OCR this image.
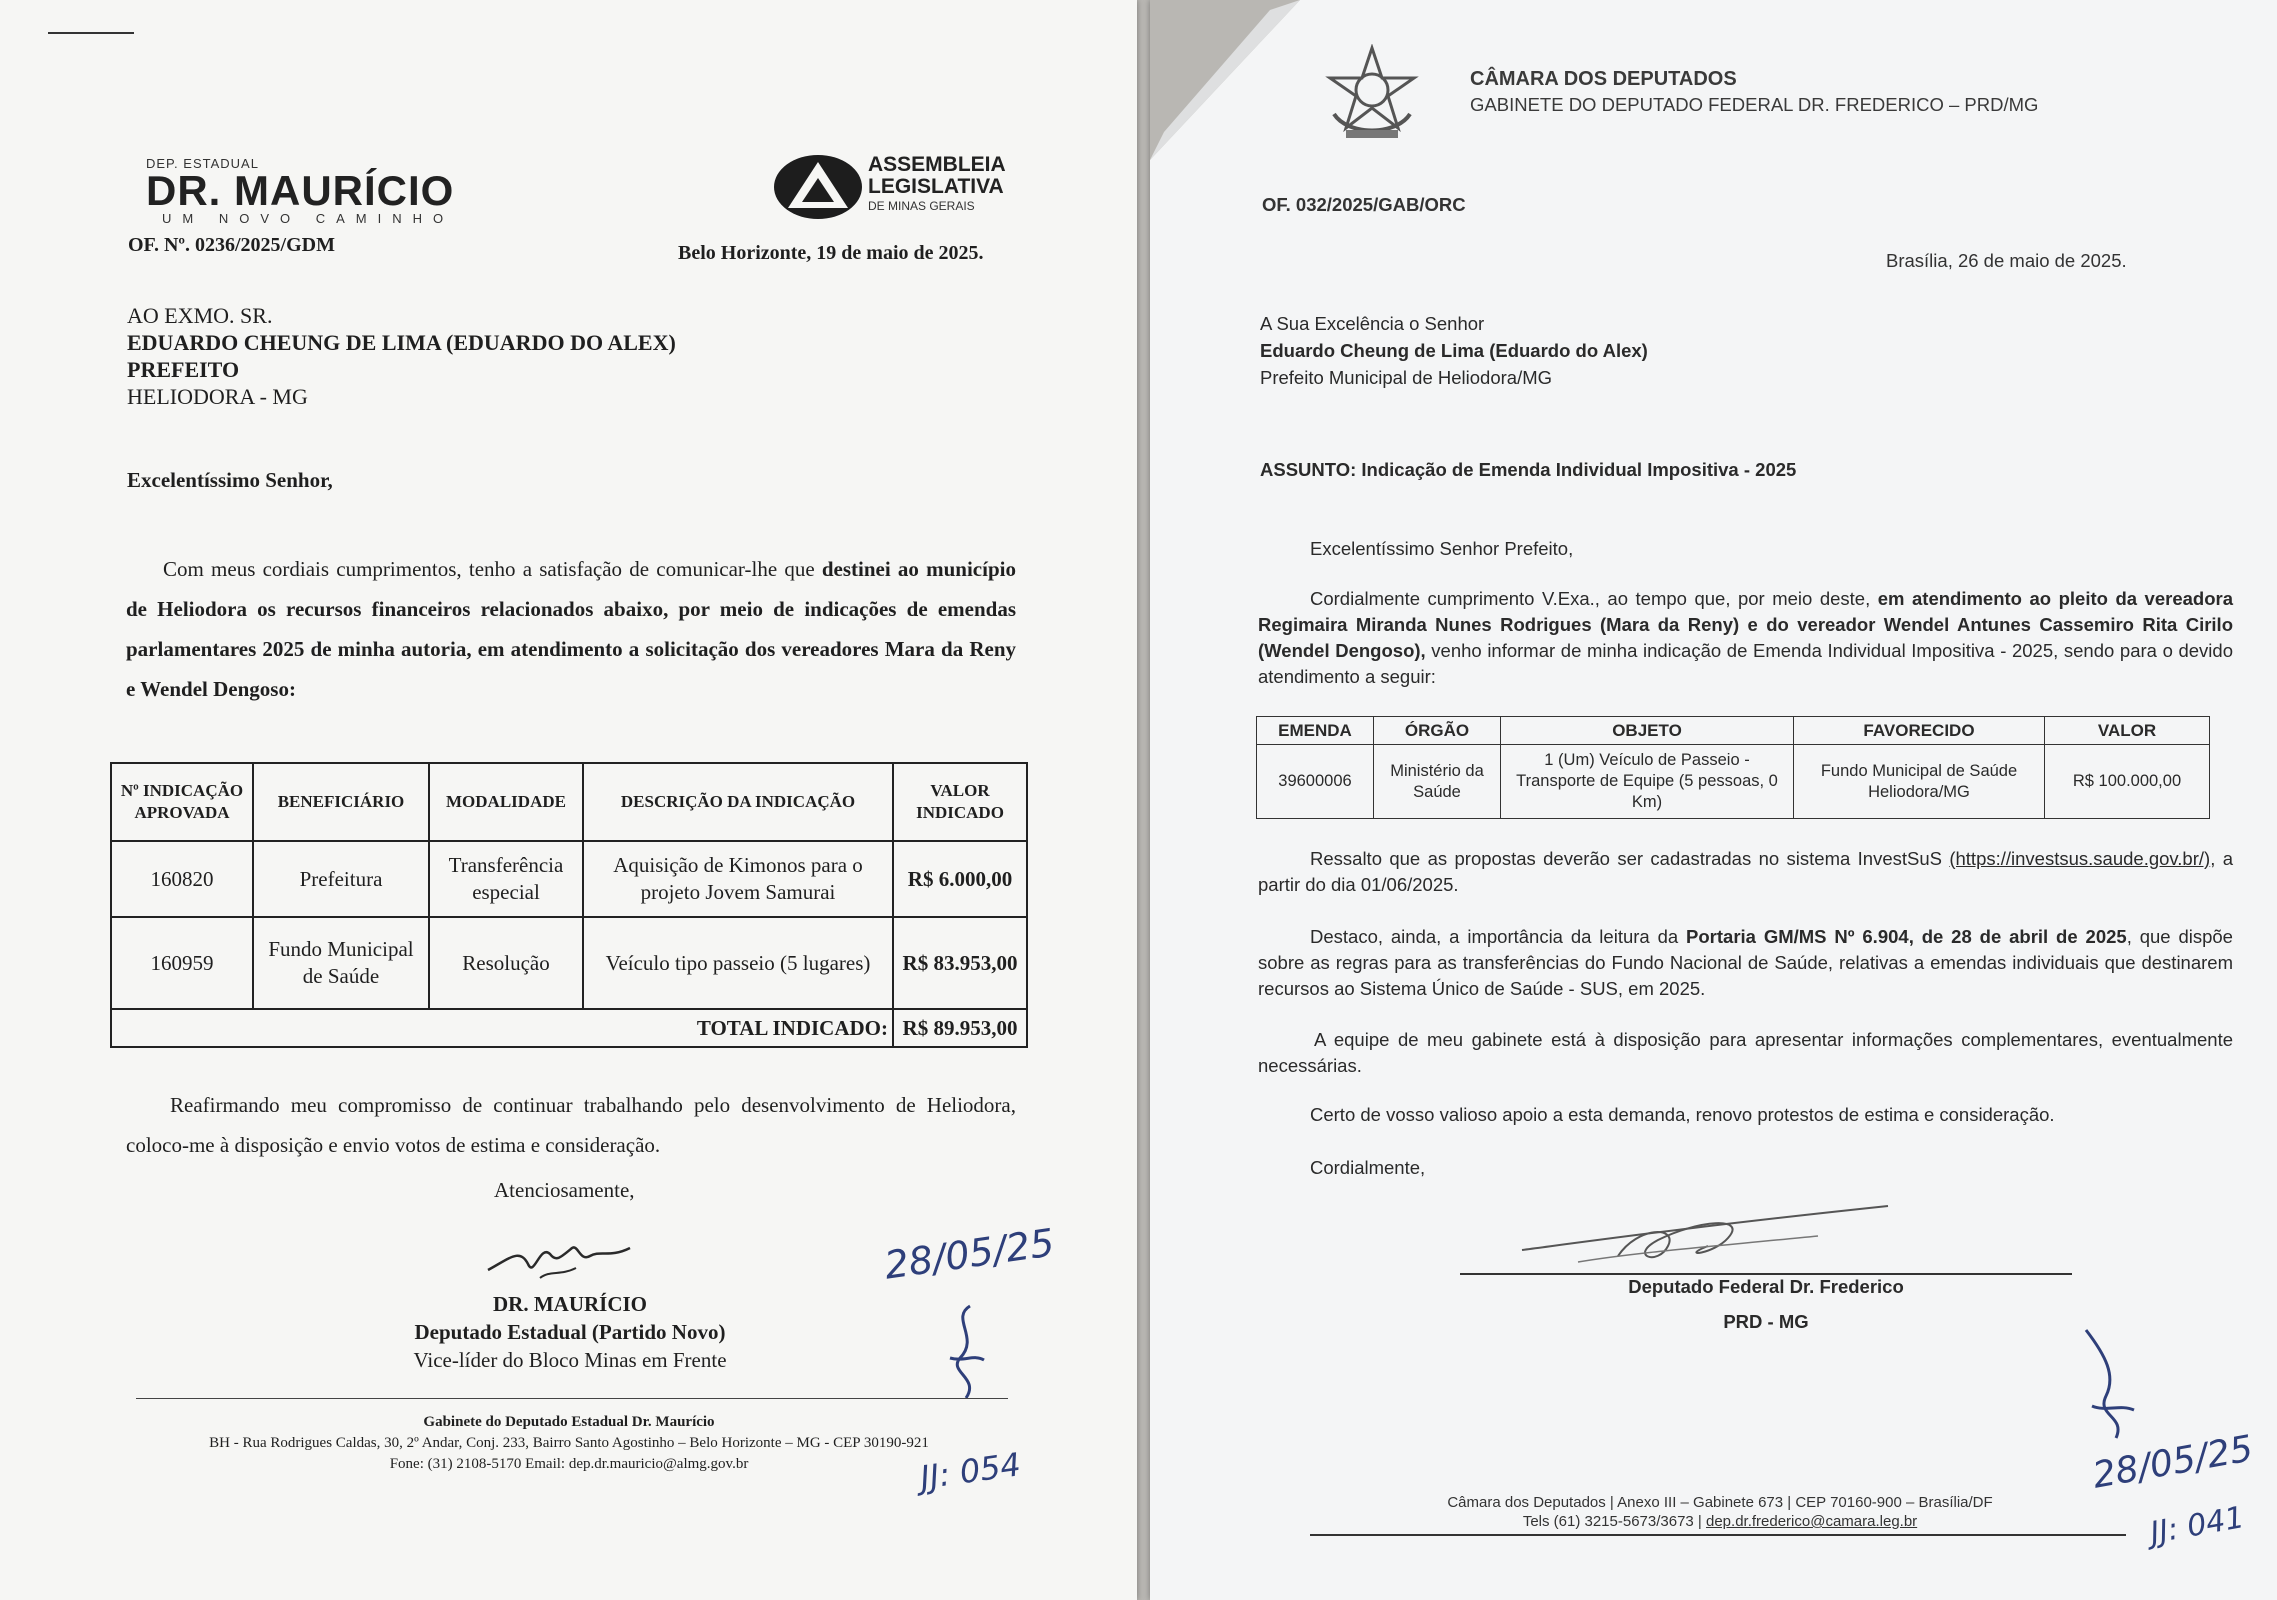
DEP. ESTADUAL
DR. MAURÍCIO
UM NOVO CAMINHO
ASSEMBLEIA
LEGISLATIVA
DE MINAS GERAIS
OF. Nº. 0236/2025/GDM	Belo Horizonte, 19 de maio de 2025.
AO EXMO. SR.
EDUARDO CHEUNG DE LIMA (EDUARDO DO ALEX)
PREFEITO
HELIODORA - MG
Excelentíssimo Senhor,
Com meus cordiais cumprimentos, tenho a satisfação de comunicar-lhe que destinei ao município de Heliodora os recursos financeiros relacionados abaixo, por meio de indicações de emendas parlamentares 2025 de minha autoria, em atendimento a solicitação dos vereadores Mara da Reny e Wendel Dengoso:
Nº INDICAÇÃO APROVADA	BENEFICIÁRIO	MODALIDADE	DESCRIÇÃO DA INDICAÇÃO	VALOR INDICADO
160820	Prefeitura	Transferência especial	Aquisição de Kimonos para o projeto Jovem Samurai	R$ 6.000,00
160959	Fundo Municipal de Saúde	Resolução	Veículo tipo passeio (5 lugares)	R$ 83.953,00
TOTAL INDICADO:				R$ 89.953,00
Reafirmando meu compromisso de continuar trabalhando pelo desenvolvimento de Heliodora, coloco-me à disposição e envio votos de estima e consideração.
Atenciosamente,
DR. MAURÍCIO
Deputado Estadual (Partido Novo)
Vice-líder do Bloco Minas em Frente
28/05/25
Gabinete do Deputado Estadual Dr. Maurício
BH - Rua Rodrigues Caldas, 30, 2º Andar, Conj. 233, Bairro Santo Agostinho – Belo Horizonte – MG - CEP 30190-921
Fone: (31) 2108-5170 Email: dep.dr.mauricio@almg.gov.br	JJ: 054
CÂMARA DOS DEPUTADOS
GABINETE DO DEPUTADO FEDERAL DR. FREDERICO – PRD/MG
OF. 032/2025/GAB/ORC
Brasília, 26 de maio de 2025.
A Sua Excelência o Senhor
Eduardo Cheung de Lima (Eduardo do Alex)
Prefeito Municipal de Heliodora/MG
ASSUNTO: Indicação de Emenda Individual Impositiva - 2025
Excelentíssimo Senhor Prefeito,
Cordialmente cumprimento V.Exa., ao tempo que, por meio deste, em atendimento ao pleito da vereadora Regimaira Miranda Nunes Rodrigues (Mara da Reny) e do vereador Wendel Antunes Cassemiro Rita Cirilo (Wendel Dengoso), venho informar de minha indicação de Emenda Individual Impositiva - 2025, sendo para o devido atendimento a seguir:
EMENDA	ÓRGÃO	OBJETO	FAVORECIDO	VALOR
39600006	Ministério da Saúde	1 (Um) Veículo de Passeio - Transporte de Equipe (5 pessoas, 0 Km)	Fundo Municipal de Saúde Heliodora/MG	R$ 100.000,00
Ressalto que as propostas deverão ser cadastradas no sistema InvestSuS (https://investsus.saude.gov.br/), a partir do dia 01/06/2025.
Destaco, ainda, a importância da leitura da Portaria GM/MS Nº 6.904, de 28 de abril de 2025, que dispõe sobre as regras para as transferências do Fundo Nacional de Saúde, relativas a emendas individuais que destinarem recursos ao Sistema Único de Saúde - SUS, em 2025.
A equipe de meu gabinete está à disposição para apresentar informações complementares, eventualmente necessárias.
Certo de vosso valioso apoio a esta demanda, renovo protestos de estima e consideração.
Cordialmente,
Deputado Federal Dr. Frederico
PRD - MG
28/05/25
JJ: 041
Câmara dos Deputados | Anexo III – Gabinete 673 | CEP 70160-900 – Brasília/DF
Tels (61) 3215-5673/3673 | dep.dr.frederico@camara.leg.br
